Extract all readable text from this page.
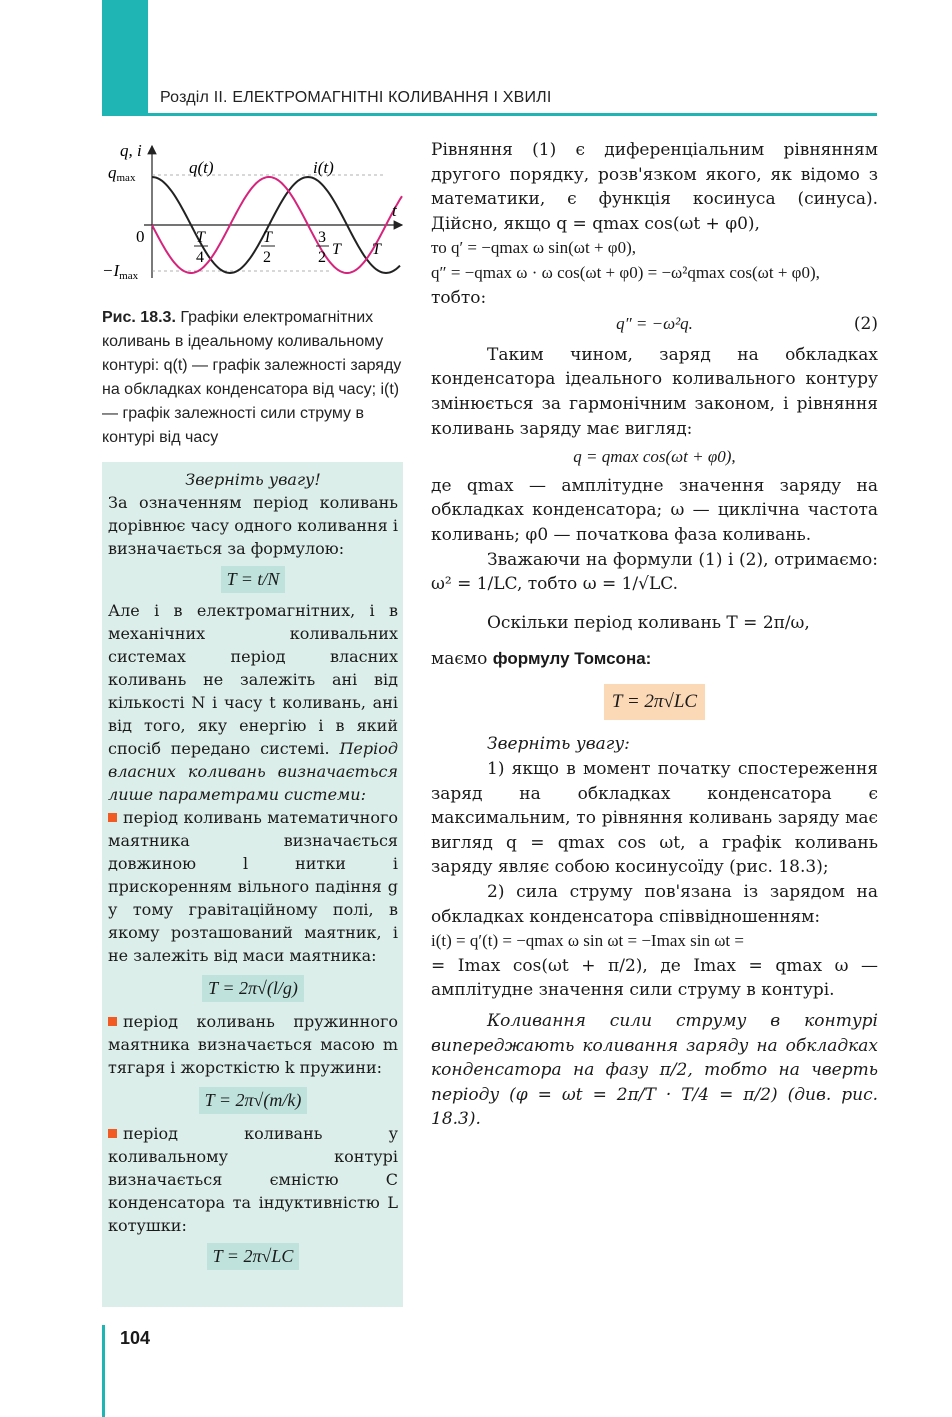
Розділ II. ЕЛЕКТРОМАГНІТНІ КОЛИВАННЯ І ХВИЛІ
q, i
t
qmax
0
−Imax
q(t)	i(t)
T
4
T
2
3
2 T T
Рис. 18.3. Графіки електромагнітних коливань в ідеальному коливальному контурі: q(t) — графік залежності заряду на обкладках конденсатора від часу; i(t) — графік залежності сили струму в контурі від часу

Зверніть увагу!

За означенням період коливань дорівнює часу одного коливання і визначається за формулою:

T = t/N

Але і в електромагнітних, і в механічних коливальних системах період власних коливань не залежіть ані від кількості N і часу t коливань, ані від того, яку енергію і в який спосіб передано системі. Період власних коливань визначається лише параметрами системи:

період коливань математичного маятника визначається довжиною l нитки і прискоренням вільного падіння g у тому гравітаційному полі, в якому розташований маятник, і не залежіть від маси маятника:

T = 2π√(l/g)

період коливань пружинного маятника визначається масою m тягаря і жорсткістю k пружини:

T = 2π√(m/k)

період коливань у коливальному контурі визначається ємністю C конденсатора та індуктивністю L котушки:

T = 2π√LC

Рівняння (1) є диференціальним рівнянням другого порядку, розв'язком якого, як відомо з математики, є функція косинуса (синуса). Дійсно, якщо q = qmax cos(ωt + φ0),

то q′ = −qmax ω sin(ωt + φ0),

q″ = −qmax ω · ω cos(ωt + φ0) = −ω²qmax cos(ωt + φ0),

тобто:

q″ = −ω²q.	(2)

Таким чином, заряд на обкладках конденсатора ідеального коливального контуру змінюється за гармонічним законом, і рівняння коливань заряду має вигляд:

q = qmax cos(ωt + φ0),

де qmax — амплітудне значення заряду на обкладках конденсатора; ω — циклічна частота коливань; φ0 — початкова фаза коливань.

Зважаючи на формули (1) і (2), отримаємо: ω² = 1/LC, тобто ω = 1/√LC.

Оскільки період коливань T = 2π/ω,

маємо формулу Томсона:

T = 2π√LC

Зверніть увагу:

1) якщо в момент початку спостереження заряд на обкладках конденсатора є максимальним, то рівняння коливань заряду має вигляд q = qmax cos ωt, а графік коливань заряду являє собою косинусоїду (рис. 18.3);

2) сила струму пов'язана із зарядом на обкладках конденсатора співвідношенням:

i(t) = q′(t) = −qmax ω sin ωt = −Imax sin ωt =

= Imax cos(ωt + π/2), де Imax = qmax ω — амплітудне значення сили струму в контурі.

Коливання сили струму в контурі випереджають коливання заряду на обкладках конденсатора на фазу π/2, тобто на чверть періоду (φ = ωt = 2π/T · T/4 = π/2) (див. рис. 18.3).

104
